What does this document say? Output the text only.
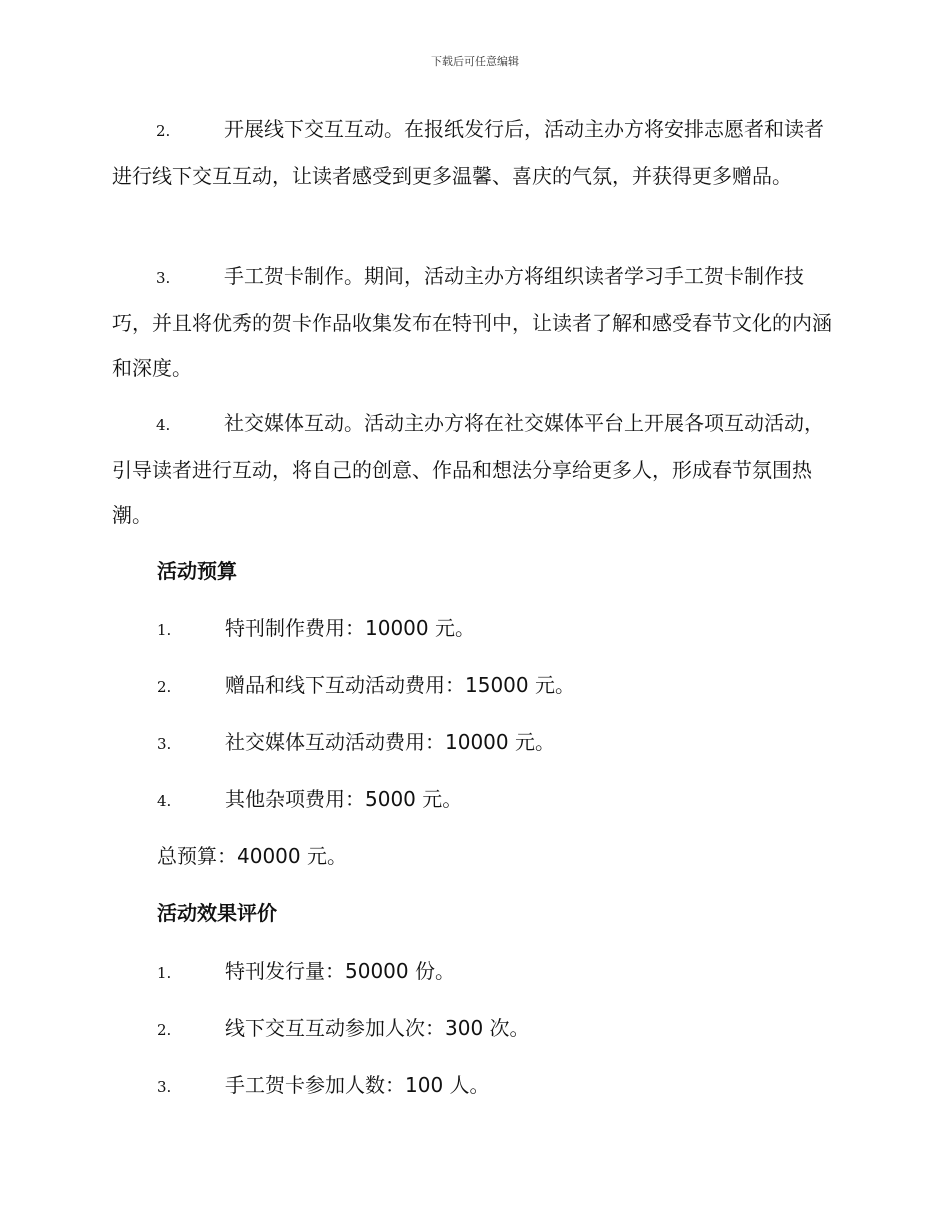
下载后可任意编辑
2.	开展线下交互互动。在报纸发行后，活动主办方将安排志愿者和读者进行线下交互互动，让读者感受到更多温馨、喜庆的气氛，并获得更多赠品。
3.	手工贺卡制作。期间，活动主办方将组织读者学习手工贺卡制作技巧，并且将优秀的贺卡作品收集发布在特刊中，让读者了解和感受春节文化的内涵和深度。
4.	社交媒体互动。活动主办方将在社交媒体平台上开展各项互动活动，引导读者进行互动，将自己的创意、作品和想法分享给更多人，形成春节氛围热潮。
活动预算
1.	特刊制作费用：10000 元。
2.	赠品和线下互动活动费用：15000 元。
3.	社交媒体互动活动费用：10000 元。
4.	其他杂项费用：5000 元。
总预算：40000 元。
活动效果评价
1.	特刊发行量：50000 份。
2.	线下交互互动参加人次：300 次。
3.	手工贺卡参加人数：100 人。
